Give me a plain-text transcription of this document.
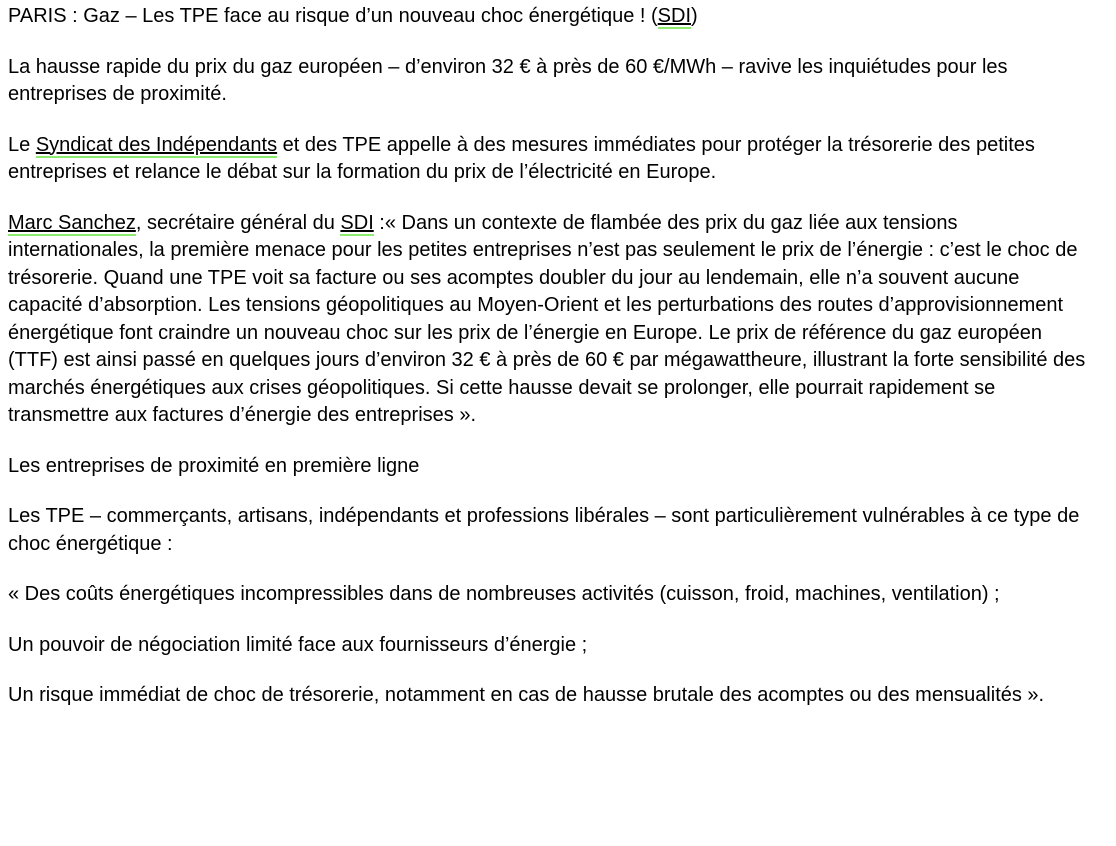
PARIS : Gaz – Les TPE face au risque d’un nouveau choc énergétique ! (SDI)

La hausse rapide du prix du gaz européen – d’environ 32 € à près de 60 €/MWh – ravive les inquiétudes pour les entreprises de proximité.

Le Syndicat des Indépendants et des TPE appelle à des mesures immédiates pour protéger la trésorerie des petites entreprises et relance le débat sur la formation du prix de l’électricité en Europe.

Marc Sanchez, secrétaire général du SDI :« Dans un contexte de flambée des prix du gaz liée aux tensions internationales, la première menace pour les petites entreprises n’est pas seulement le prix de l’énergie : c’est le choc de trésorerie. Quand une TPE voit sa facture ou ses acomptes doubler du jour au lendemain, elle n’a souvent aucune capacité d’absorption. Les tensions géopolitiques au Moyen-Orient et les perturbations des routes d’approvisionnement énergétique font craindre un nouveau choc sur les prix de l’énergie en Europe. Le prix de référence du gaz européen (TTF) est ainsi passé en quelques jours d’environ 32 € à près de 60 € par mégawattheure, illustrant la forte sensibilité des marchés énergétiques aux crises géopolitiques. Si cette hausse devait se prolonger, elle pourrait rapidement se transmettre aux factures d’énergie des entreprises ».

Les entreprises de proximité en première ligne

Les TPE – commerçants, artisans, indépendants et professions libérales – sont particulièrement vulnérables à ce type de choc énergétique :

« Des coûts énergétiques incompressibles dans de nombreuses activités (cuisson, froid, machines, ventilation) ;

Un pouvoir de négociation limité face aux fournisseurs d’énergie ;

Un risque immédiat de choc de trésorerie, notamment en cas de hausse brutale des acomptes ou des mensualités ».
